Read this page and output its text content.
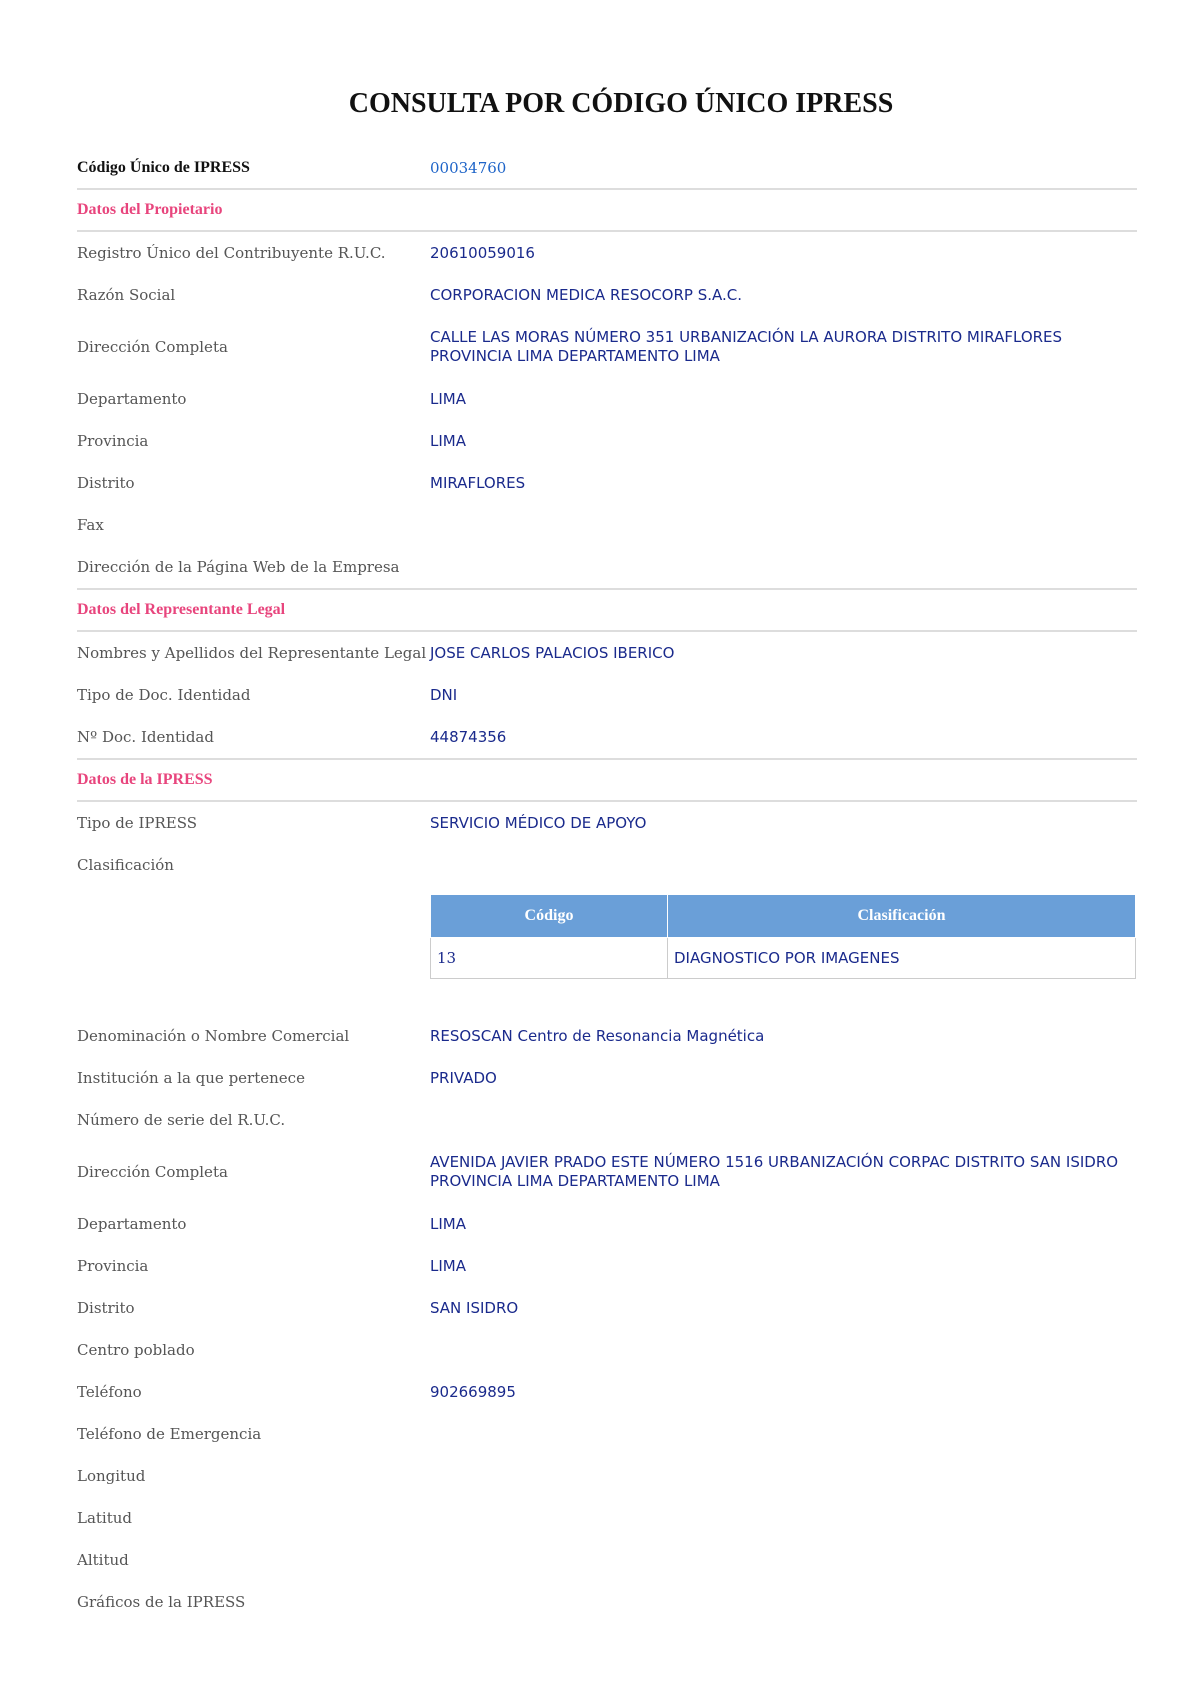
CONSULTA POR CÓDIGO ÚNICO IPRESS
Código Único de IPRESS	00034760
Datos del Propietario
Registro Único del Contribuyente R.U.C.	20610059016
Razón Social	CORPORACION MEDICA RESOCORP S.A.C.
Dirección Completa
CALLE LAS MORAS NÚMERO 351 URBANIZACIÓN LA AURORA DISTRITO MIRAFLORES PROVINCIA LIMA DEPARTAMENTO LIMA
Departamento	LIMA
Provincia	LIMA
Distrito	MIRAFLORES
Fax
Dirección de la Página Web de la Empresa
Datos del Representante Legal
Nombres y Apellidos del Representante Legal JOSE CARLOS PALACIOS IBERICO
Tipo de Doc. Identidad	DNI
Nº Doc. Identidad	44874356
Datos de la IPRESS
Tipo de IPRESS	SERVICIO MÉDICO DE APOYO
Clasificación
Código	Clasificación
13	DIAGNOSTICO POR IMAGENES
Denominación o Nombre Comercial	RESOSCAN Centro de Resonancia Magnética
Institución a la que pertenece	PRIVADO
Número de serie del R.U.C.
Dirección Completa
AVENIDA JAVIER PRADO ESTE NÚMERO 1516 URBANIZACIÓN CORPAC DISTRITO SAN ISIDRO PROVINCIA LIMA DEPARTAMENTO LIMA
Departamento	LIMA
Provincia	LIMA
Distrito	SAN ISIDRO
Centro poblado
Teléfono	902669895
Teléfono de Emergencia
Longitud
Latitud
Altitud
Gráficos de la IPRESS
